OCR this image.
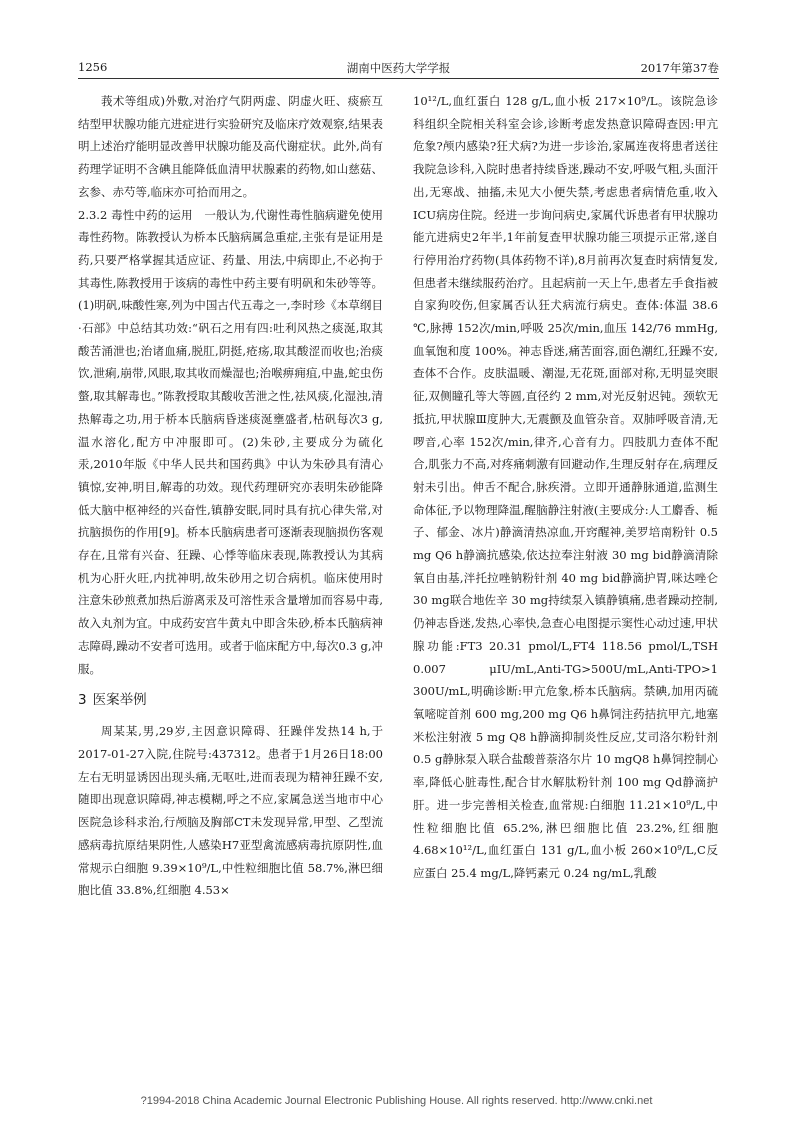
1256	湖南中医药大学学报	2017年第37卷

莪术等组成)外敷,对治疗气阴两虚、阴虚火旺、痰瘀互结型甲状腺功能亢进症进行实验研究及临床疗效观察,结果表明上述治疗能明显改善甲状腺功能及高代谢症状。此外,尚有药理学证明不含碘且能降低血清甲状腺素的药物,如山慈菇、玄参、赤芍等,临床亦可拾而用之。

2.3.2 毒性中药的运用　 一般认为,代谢性毒性脑病避免使用毒性药物。陈教授认为桥本氏脑病属急重症,主张有是证用是药,只要严格掌握其适应证、药量、用法,中病即止,不必拘于其毒性,陈教授用于该病的毒性中药主要有明矾和朱砂等等。(1)明矾,味酸性寒,列为中国古代五毒之一,李时珍《本草纲目·石部》中总结其功效:“矾石之用有四:吐利风热之痰涎,取其酸苦涌泄也;治诸血痛,脱肛,阴挺,疮疡,取其酸涩而收也;治痰饮,泄痢,崩带,风眼,取其收而燥湿也;治喉痹痈疽,中蛊,蛇虫伤螫,取其解毒也。”陈教授取其酸收苦泄之性,祛风痰,化湿浊,清热解毒之功,用于桥本氏脑病昏迷痰涎壅盛者,枯矾每次3 g,温水溶化,配方中冲服即可。(2)朱砂,主要成分为硫化汞,2010年版《中华人民共和国药典》中认为朱砂具有清心镇惊,安神,明目,解毒的功效。现代药理研究亦表明朱砂能降低大脑中枢神经的兴奋性,镇静安眠,同时具有抗心律失常,对抗脑损伤的作用[9]。桥本氏脑病患者可逐渐表现脑损伤客观存在,且常有兴奋、狂躁、心悸等临床表现,陈教授认为其病机为心肝火旺,内扰神明,故朱砂用之切合病机。临床使用时注意朱砂煎煮加热后游离汞及可溶性汞含量增加而容易中毒,故入丸剂为宜。中成药安宫牛黄丸中即含朱砂,桥本氏脑病神志障碍,躁动不安者可选用。或者于临床配方中,每次0.3 g,冲服。

3 医案举例

周某某,男,29岁,主因意识障碍、狂躁伴发热14 h,于2017-01-27入院,住院号:437312。患者于1月26日18:00左右无明显诱因出现头痛,无呕吐,进而表现为精神狂躁不安,随即出现意识障碍,神志模糊,呼之不应,家属急送当地市中心医院急诊科求治,行颅脑及胸部CT未发现异常,甲型、乙型流感病毒抗原结果阴性,人感染H7亚型禽流感病毒抗原阴性,血常规示白细胞 9.39×10⁹/L,中性粒细胞比值 58.7%,淋巴细胞比值 33.8%,红细胞 4.53×

10¹²/L,血红蛋白 128 g/L,血小板 217×10⁹/L。该院急诊科组织全院相关科室会诊,诊断考虑发热意识障碍查因:甲亢危象?颅内感染?狂犬病?为进一步诊治,家属连夜将患者送往我院急诊科,入院时患者持续昏迷,躁动不安,呼吸气粗,头面汗出,无寒战、抽搐,未见大小便失禁,考虑患者病情危重,收入ICU病房住院。经进一步询问病史,家属代诉患者有甲状腺功能亢进病史2年半,1年前复查甲状腺功能三项提示正常,遂自行停用治疗药物(具体药物不详),8月前再次复查时病情复发,但患者未继续服药治疗。且起病前一天上午,患者左手食指被自家狗咬伤,但家属否认狂犬病流行病史。查体:体温 38.6 ℃,脉搏 152次/min,呼吸 25次/min,血压 142/76 mmHg,血氧饱和度 100%。神志昏迷,痛苦面容,面色潮红,狂躁不安,查体不合作。皮肤温暖、潮湿,无花斑,面部对称,无明显突眼征,双侧瞳孔等大等圆,直径约 2 mm,对光反射迟钝。颈软无抵抗,甲状腺Ⅲ度肿大,无震颤及血管杂音。双肺呼吸音清,无啰音,心率 152次/min,律齐,心音有力。四肢肌力查体不配合,肌张力不高,对疼痛刺激有回避动作,生理反射存在,病理反射未引出。伸舌不配合,脉疾滑。立即开通静脉通道,监测生命体征,予以物理降温,醒脑静注射液(主要成分:人工麝香、栀子、郁金、冰片)静滴清热凉血,开窍醒神,美罗培南粉针 0.5 mg Q6 h静滴抗感染,依达拉奉注射液 30 mg bid静滴清除氧自由基,泮托拉唑钠粉针剂 40 mg bid静滴护胃,咪达唑仑 30 mg联合地佐辛 30 mg持续泵入镇静镇痛,患者躁动控制,仍神志昏迷,发热,心率快,急查心电图提示窦性心动过速,甲状腺功能:FT3 20.31 pmol/L,FT4 118.56 pmol/L,TSH 0.007 μIU/mL,Anti-TG>500U/mL,Anti-TPO>1 300U/mL,明确诊断:甲亢危象,桥本氏脑病。禁碘,加用丙硫氧嘧啶首剂 600 mg,200 mg Q6 h鼻饲注药拮抗甲亢,地塞米松注射液 5 mg Q8 h静滴抑制炎性反应,艾司洛尔粉针剂 0.5 g静脉泵入联合盐酸普萘洛尔片 10 mgQ8 h鼻饲控制心率,降低心脏毒性,配合甘水解肽粉针剂 100 mg Qd静滴护肝。进一步完善相关检查,血常规:白细胞 11.21×10⁹/L,中性粒细胞比值 65.2%,淋巴细胞比值 23.2%,红细胞 4.68×10¹²/L,血红蛋白 131 g/L,血小板 260×10⁹/L,C反应蛋白 25.4 mg/L,降钙素元 0.24 ng/mL,乳酸

?1994-2018 China Academic Journal Electronic Publishing House. All rights reserved. http://www.cnki.net
